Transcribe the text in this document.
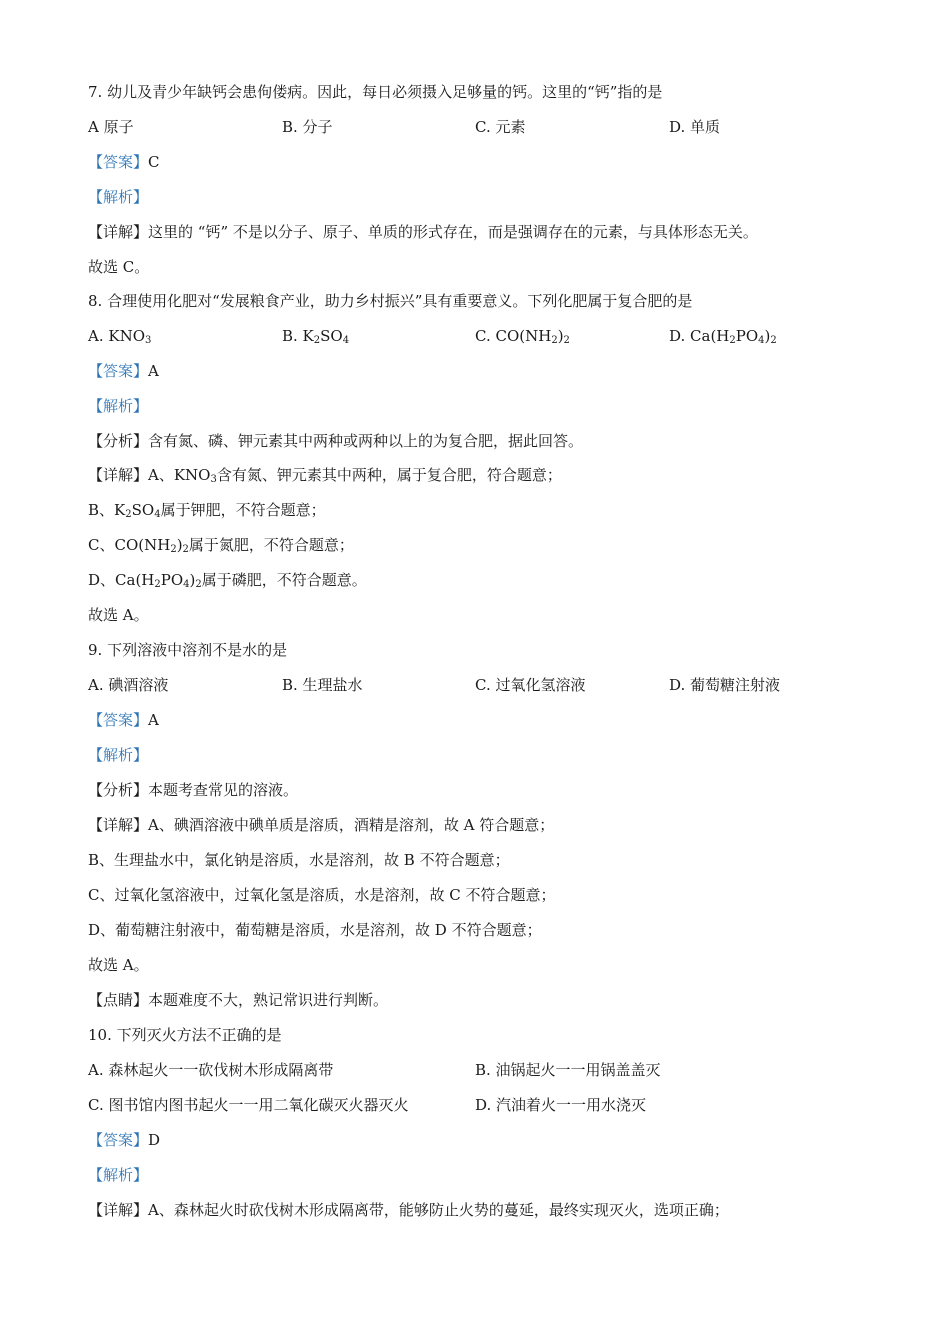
7. 幼儿及青少年缺钙会患佝偻病。因此，每日必须摄入足够量的钙。这里的“钙”指的是
A 原子	B. 分子	C. 元素	D. 单质
【答案】C
【解析】
【详解】这里的 “钙” 不是以分子、原子、单质的形式存在，而是强调存在的元素，与具体形态无关。
故选 C。
8. 合理使用化肥对“发展粮食产业，助力乡村振兴”具有重要意义。下列化肥属于复合肥的是
A. $KNO_3$	B. $K_2SO_4$	C. $CO(NH_2)_2$	D. $Ca(H_2PO_4)_2$
【答案】A
【解析】
【分析】含有氮、磷、钾元素其中两种或两种以上的为复合肥，据此回答。
【详解】A、$KNO_3$含有氮、钾元素其中两种，属于复合肥，符合题意；
B、$K_2SO_4$属于钾肥，不符合题意；
C、$CO(NH_2)_2$属于氮肥，不符合题意；
D、$Ca(H_2PO_4)_2$属于磷肥，不符合题意。
故选 A。
9. 下列溶液中溶剂不是水的是
A. 碘酒溶液	B. 生理盐水	C. 过氧化氢溶液	D. 葡萄糖注射液
【答案】A
【解析】
【分析】本题考查常见的溶液。
【详解】A、碘酒溶液中碘单质是溶质，酒精是溶剂，故 A 符合题意；
B、生理盐水中，氯化钠是溶质，水是溶剂，故 B 不符合题意；
C、过氧化氢溶液中，过氧化氢是溶质，水是溶剂，故 C 不符合题意；
D、葡萄糖注射液中，葡萄糖是溶质，水是溶剂，故 D 不符合题意；
故选 A。
【点睛】本题难度不大，熟记常识进行判断。
10. 下列灭火方法不正确的是
A. 森林起火一一砍伐树木形成隔离带	B. 油锅起火一一用锅盖盖灭
C. 图书馆内图书起火一一用二氧化碳灭火器灭火	D. 汽油着火一一用水浇灭
【答案】D
【解析】
【详解】A、森林起火时砍伐树木形成隔离带，能够防止火势的蔓延，最终实现灭火，选项正确；
